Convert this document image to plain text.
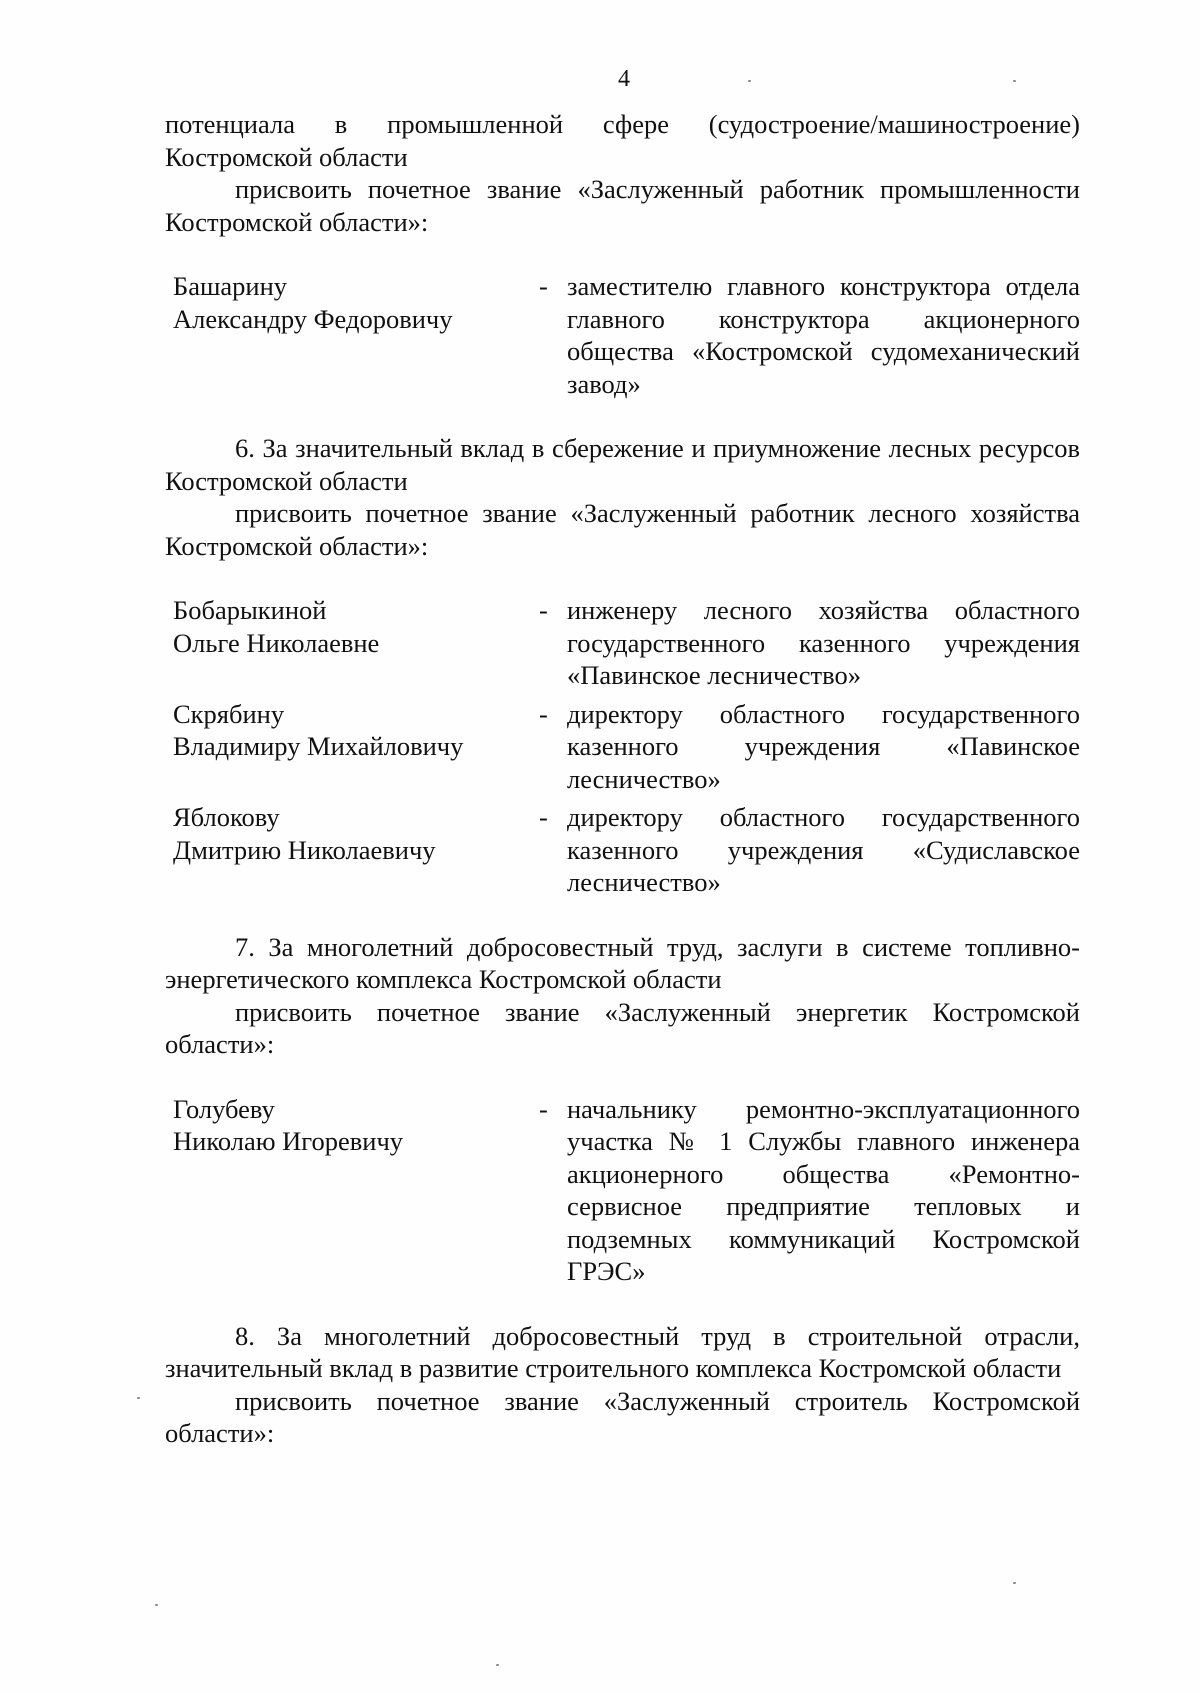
4

потенциала в промышленной сфере (судостроение/машиностроение) Костромской области

присвоить почетное звание «Заслуженный работник промышленности Костромской области»:

Башарину
Александру Федоровичу
- заместителю главного конструктора отдела главного конструктора акционерного общества «Костромской судомеханический завод»

6. За значительный вклад в сбережение и приумножение лесных ресурсов Костромской области

присвоить почетное звание «Заслуженный работник лесного хозяйства Костромской области»:

Бобарыкиной
Ольге Николаевне
- инженеру лесного хозяйства областного государственного казенного учреждения «Павинское лесничество»
Скрябину
Владимиру Михайловичу
- директору областного государственного казенного учреждения «Павинское лесничество»
Яблокову
Дмитрию Николаевичу
- директору областного государственного казенного учреждения «Судиславское лесничество»

7. За многолетний добросовестный труд, заслуги в системе топливно-энергетического комплекса Костромской области

присвоить почетное звание «Заслуженный энергетик Костромской области»:

Голубеву
Николаю Игоревичу
- начальнику ремонтно-эксплуатационного участка № 1 Службы главного инженера акционерного общества «Ремонтно-сервисное предприятие тепловых и подземных коммуникаций Костромской ГРЭС»

8. За многолетний добросовестный труд в строительной отрасли, значительный вклад в развитие строительного комплекса Костромской области

присвоить почетное звание «Заслуженный строитель Костромской области»:
